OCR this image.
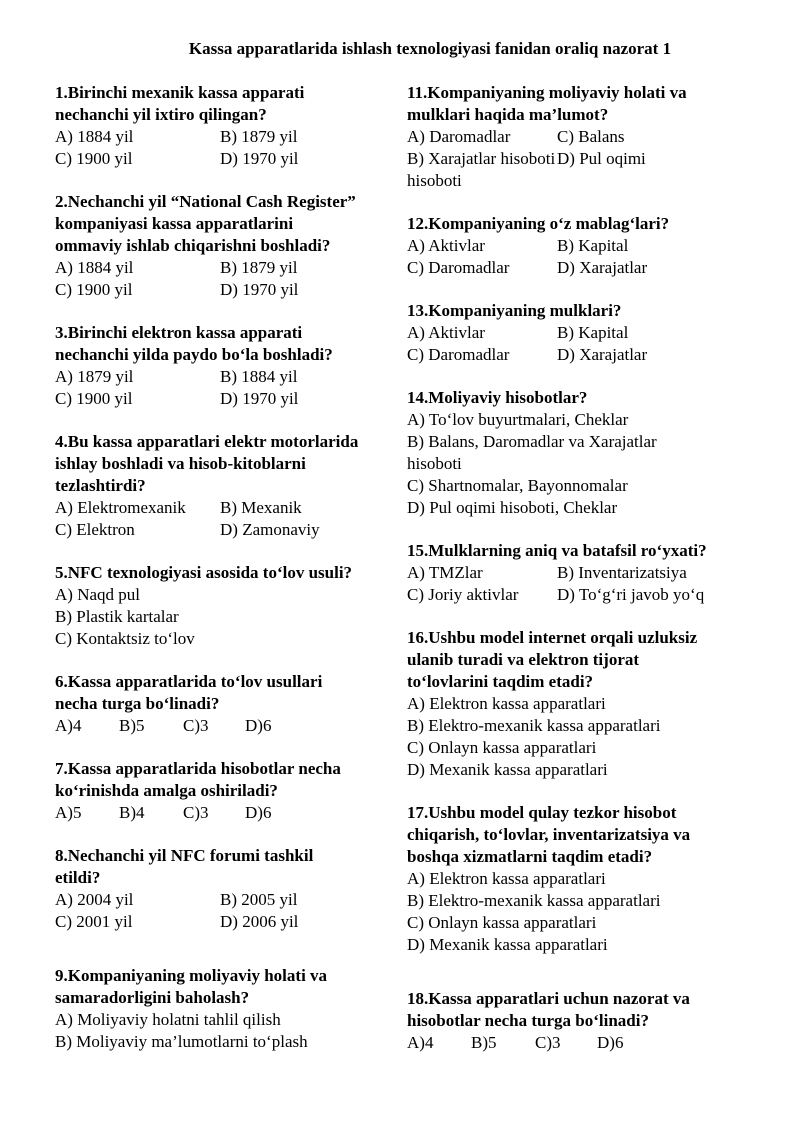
Kassa apparatlarida ishlash texnologiyasi fanidan oraliq nazorat 1
1.Birinchi mexanik kassa apparati
nechanchi yil ixtiro qilingan?
A) 1884 yil	B) 1879 yil
C) 1900 yil	D) 1970 yil
2.Nechanchi yil “National Cash Register”
kompaniyasi kassa apparatlarini
ommaviy ishlab chiqarishni boshladi?
A) 1884 yil	B) 1879 yil
C) 1900 yil	D) 1970 yil
3.Birinchi elektron kassa apparati
nechanchi yilda paydo bo‘la boshladi?
A) 1879 yil	B) 1884 yil
C) 1900 yil	D) 1970 yil
4.Bu kassa apparatlari elektr motorlarida
ishlay boshladi va hisob-kitoblarni
tezlashtirdi?
A) Elektromexanik B) Mexanik
C) Elektron	D) Zamonaviy
5.NFC texnologiyasi asosida to‘lov usuli?
A) Naqd pul
B) Plastik kartalar
C) Kontaktsiz to‘lov
6.Kassa apparatlarida to‘lov usullari
necha turga bo‘linadi?
A)4 B)5 C)3 D)6
7.Kassa apparatlarida hisobotlar necha
ko‘rinishda amalga oshiriladi?
A)5 B)4 C)3 D)6
8.Nechanchi yil NFC forumi tashkil
etildi?
A) 2004 yil	B) 2005 yil
C) 2001 yil	D) 2006 yil
9.Kompaniyaning moliyaviy holati va
samaradorligini baholash?
A) Moliyaviy holatni tahlil qilish
B) Moliyaviy ma’lumotlarni to‘plash
11.Kompaniyaning moliyaviy holati va
mulklari haqida ma’lumot?
A) Daromadlar	C) Balans
B) Xarajatlar hisoboti D) Pul oqimi
hisoboti
12.Kompaniyaning o‘z mablag‘lari?
A) Aktivlar	B) Kapital
C) Daromadlar	D) Xarajatlar
13.Kompaniyaning mulklari?
A) Aktivlar	B) Kapital
C) Daromadlar	D) Xarajatlar
14.Moliyaviy hisobotlar?
A) To‘lov buyurtmalari, Cheklar
B) Balans, Daromadlar va Xarajatlar
hisoboti
C) Shartnomalar, Bayonnomalar
D) Pul oqimi hisoboti, Cheklar
15.Mulklarning aniq va batafsil ro‘yxati?
A) TMZlar	B) Inventarizatsiya
C) Joriy aktivlar D) To‘g‘ri javob yo‘q
16.Ushbu model internet orqali uzluksiz
ulanib turadi va elektron tijorat
to‘lovlarini taqdim etadi?
A) Elektron kassa apparatlari
B) Elektro-mexanik kassa apparatlari
C) Onlayn kassa apparatlari
D) Mexanik kassa apparatlari
17.Ushbu model qulay tezkor hisobot
chiqarish, to‘lovlar, inventarizatsiya va
boshqa xizmatlarni taqdim etadi?
A) Elektron kassa apparatlari
B) Elektro-mexanik kassa apparatlari
C) Onlayn kassa apparatlari
D) Mexanik kassa apparatlari
18.Kassa apparatlari uchun nazorat va
hisobotlar necha turga bo‘linadi?
A)4 B)5 C)3 D)6
